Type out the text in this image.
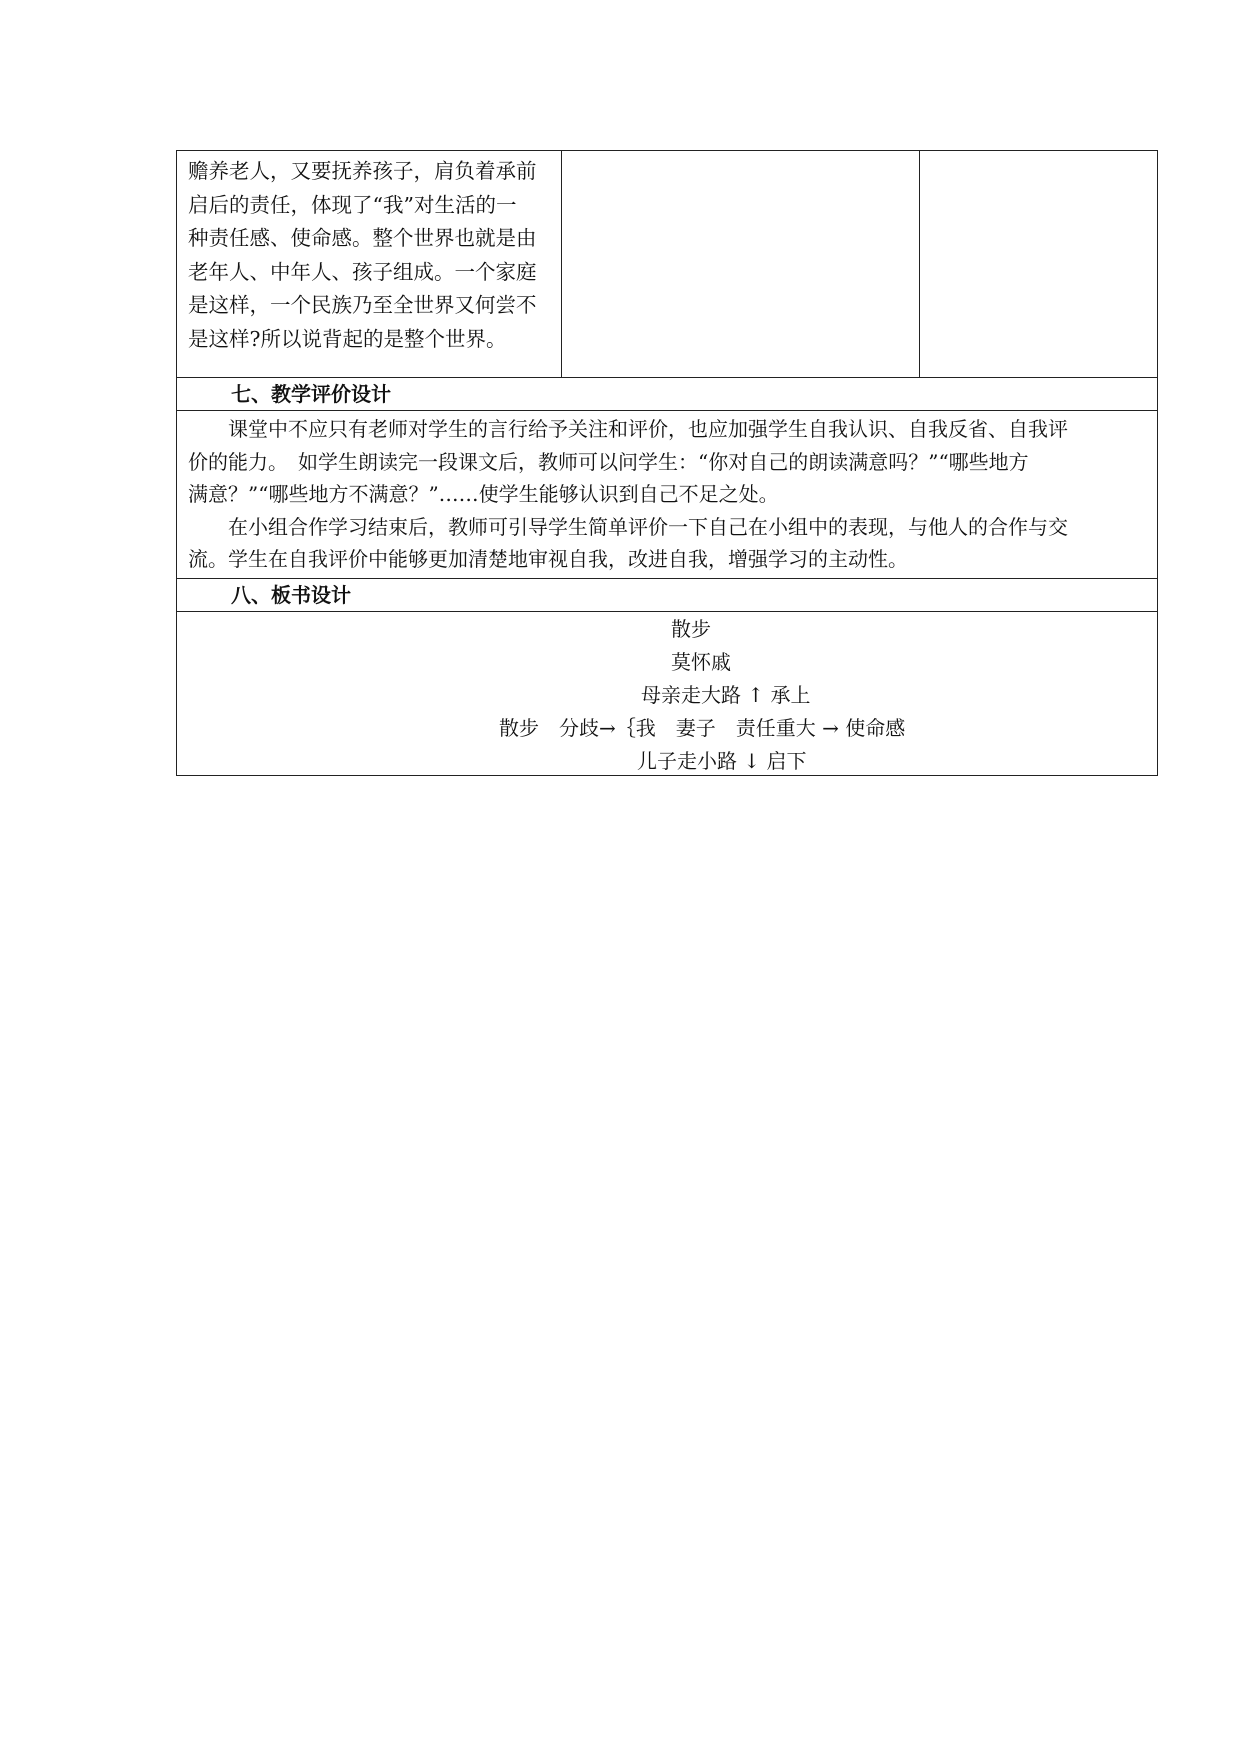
赡养老人，又要抚养孩子，肩负着承前
启后的责任，体现了“我”对生活的一
种责任感、使命感。整个世界也就是由
老年人、中年人、孩子组成。一个家庭
是这样，一个民族乃至全世界又何尝不
是这样?所以说背起的是整个世界。
七、教学评价设计
　　课堂中不应只有老师对学生的言行给予关注和评价，也应加强学生自我认识、自我反省、自我评
价的能力。　如学生朗读完一段课文后，教师可以问学生：“你对自己的朗读满意吗？”“哪些地方
满意？”“哪些地方不满意？”……使学生能够认识到自己不足之处。
　　在小组合作学习结束后，教师可引导学生简单评价一下自己在小组中的表现，与他人的合作与交
流。学生在自我评价中能够更加清楚地审视自我，改进自我，增强学习的主动性。
八、板书设计
散步
莫怀戚
母亲走大路 ↑ 承上
散步　分歧→｛我　妻子　责任重大 → 使命感
儿子走小路 ↓ 启下
